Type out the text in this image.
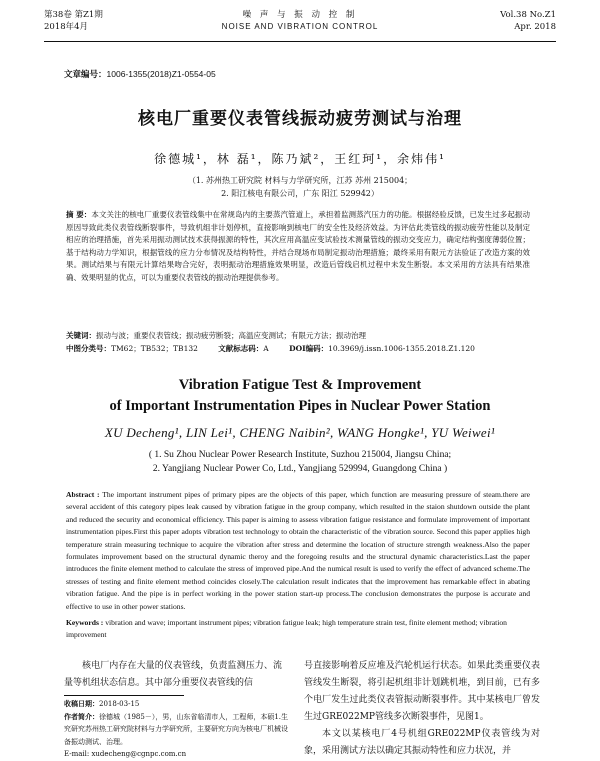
第38卷 第Z1期
2018年4月
噪 声 与 振 动 控 制
NOISE AND VIBRATION CONTROL
Vol.38 No.Z1
Apr. 2018
文章编号：1006-1355(2018)Z1-0554-05
核电厂重要仪表管线振动疲劳测试与治理
徐德城¹，林 磊¹，陈乃斌²，王红珂¹，余炜伟¹
（1. 苏州热工研究院 材料与力学研究所，江苏 苏州 215004；
2. 阳江核电有限公司，广东 阳江 529942）
摘 要：本文关注的核电厂重要仪表管线集中在常规岛内的主要蒸汽管道上，承担着监测蒸汽压力的功能。根据经验反馈，已发生过多起振动原因导致此类仪表管线断裂事件，导致机组非计划停机，直接影响到核电厂的安全性及经济效益。为评估此类管线的振动疲劳性能以及制定相应的治理措施，首先采用振动测试技术获得振源的特性，其次应用高温应变试验技术测量管线的振动交变应力，确定结构强度薄弱位置；基于结构动力学知识，根据管线的应力分布情况及结构特性，并结合现场布局制定振动治理措施；最终采用有限元方法验证了改造方案的效果。测试结果与有限元计算结果吻合完好，表明振动治理措施效果明显，改造后管线启机过程中未发生断裂。本文采用的方法具有结果准确、效果明显的优点，可以为重要仪表管线的振动治理提供参考。
关键词：振动与波；重要仪表管线；振动疲劳断裂；高温应变测试；有限元方法；振动治理
中图分类号：TM62；TB532；TB132	文献标志码：A	DOI编码：10.3969/j.issn.1006-1355.2018.Z1.120
Vibration Fatigue Test & Improvement
of Important Instrumentation Pipes in Nuclear Power Station
XU Decheng¹, LIN Lei¹, CHENG Naibin², WANG Hongke¹, YU Weiwei¹
( 1. Su Zhou Nuclear Power Research Institute, Suzhou 215004, Jiangsu China;
2. Yangjiang Nuclear Power Co, Ltd., Yangjiang 529994, Guangdong China )
Abstract : The important instrument pipes of primary pipes are the objects of this paper, which function are measuring pressure of steam.there are several accident of this category pipes leak caused by vibration fatigue in the group company, which resulted in the staion shutdown outside the plant and reduced the security and economical efficiency. This paper is aiming to assess vibration fatigue resistance and formulate improvement of important instrumentation pipes.First this paper adopts vibration test technology to obtain the characteristic of the vibration source. Second this paper applies high temperature strain measuring technique to acquire the vibration after stress and determine the location of structure strength weakness.Also the paper formulates improvement based on the structural dynamic theroy and the foregoing results and the structural dynamic characteristics.Last the paper introduces the finite element method to calculate the stress of improved pipe.And the numical result is used to verify the effect of advanced scheme.The stresses of testing and finite element method coincides closely.The calculation result indicates that the improvement has remarkable effect in abating vibration fatigue. And the pipe is in perfect working in the power station start-up process.The conclusion demonstrates the purpose is accurate and effective to use in other power stations.
Keywords : vibration and wave; important instrument pipes; vibration fatigue leak; high temperature strain test, finite element method; vibration improvement
核电厂内存在大量的仪表管线，负责监测压力、流量等机组状态信息。其中部分重要仪表管线的信

号直接影响着反应堆及汽轮机运行状态。如果此类重要仪表管线发生断裂，将引起机组非计划跳机堆，到目前，已有多个电厂发生过此类仪表管振动断裂事件。其中某核电厂曾发生过GRE022MP管线多次断裂事件，见图1。

本文以某核电厂4号机组GRE022MP仪表管线为对象，采用测试方法以确定其振动特性和应力状况，并

收稿日期：2018-03-15
作者简介：徐德城（1985－），男，山东省临清市人，工程师，本硕1.生究研究苏州热工研究院材料与力学研究所，主要研究方向为核电厂机械设备振动测试、治理。
E-mail: xudecheng@cgnpc.com.cn
